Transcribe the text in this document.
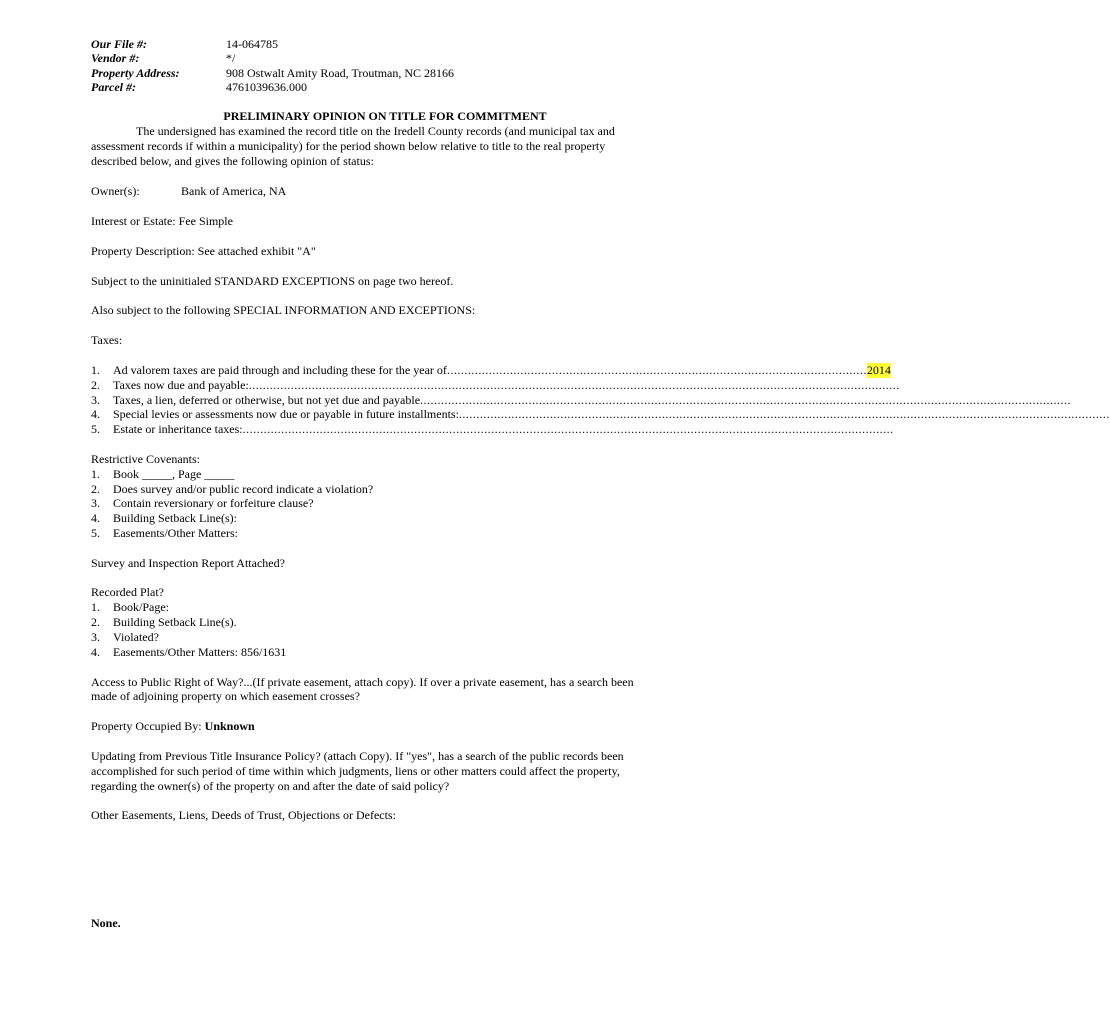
Our File #:	14-064785
Vendor #:	*/
Property Address:	908 Ostwalt Amity Road, Troutman, NC 28166
Parcel #:	4761039636.000
PRELIMINARY OPINION ON TITLE FOR COMMITMENT
The undersigned has examined the record title on the Iredell County records (and municipal tax and
assessment records if within a municipality) for the period shown below relative to title to the real property
described below, and gives the following opinion of status:
Owner(s):	Bank of America, NA
Interest or Estate: Fee Simple
Property Description: See attached exhibit "A"
Subject to the uninitialed STANDARD EXCEPTIONS on page two hereof.
Also subject to the following SPECIAL INFORMATION AND EXCEPTIONS:
Taxes:
1. Ad valorem taxes are paid through and including these for the year of ........................................................................................................................ 2014
2. Taxes now due and payable: ..........................................................................................................................................................................................
3. Taxes, a lien, deferred or otherwise, but not yet due and payable ..........................................................................................................................................................................................
4. Special levies or assessments now due or payable in future installments: ..........................................................................................................................................................................................
5. Estate or inheritance taxes: ..........................................................................................................................................................................................
Restrictive Covenants:
1. Book _____, Page _____
2. Does survey and/or public record indicate a violation?
3. Contain reversionary or forfeiture clause?
4. Building Setback Line(s):
5. Easements/Other Matters:
Survey and Inspection Report Attached?
Recorded Plat?
1. Book/Page:
2. Building Setback Line(s).
3. Violated?
4. Easements/Other Matters: 856/1631
Access to Public Right of Way?...(If private easement, attach copy). If over a private easement, has a search been
made of adjoining property on which easement crosses?
Property Occupied By: Unknown
Updating from Previous Title Insurance Policy? (attach Copy). If "yes", has a search of the public records been
accomplished for such period of time within which judgments, liens or other matters could affect the property,
regarding the owner(s) of the property on and after the date of said policy?
Other Easements, Liens, Deeds of Trust, Objections or Defects:
None.
